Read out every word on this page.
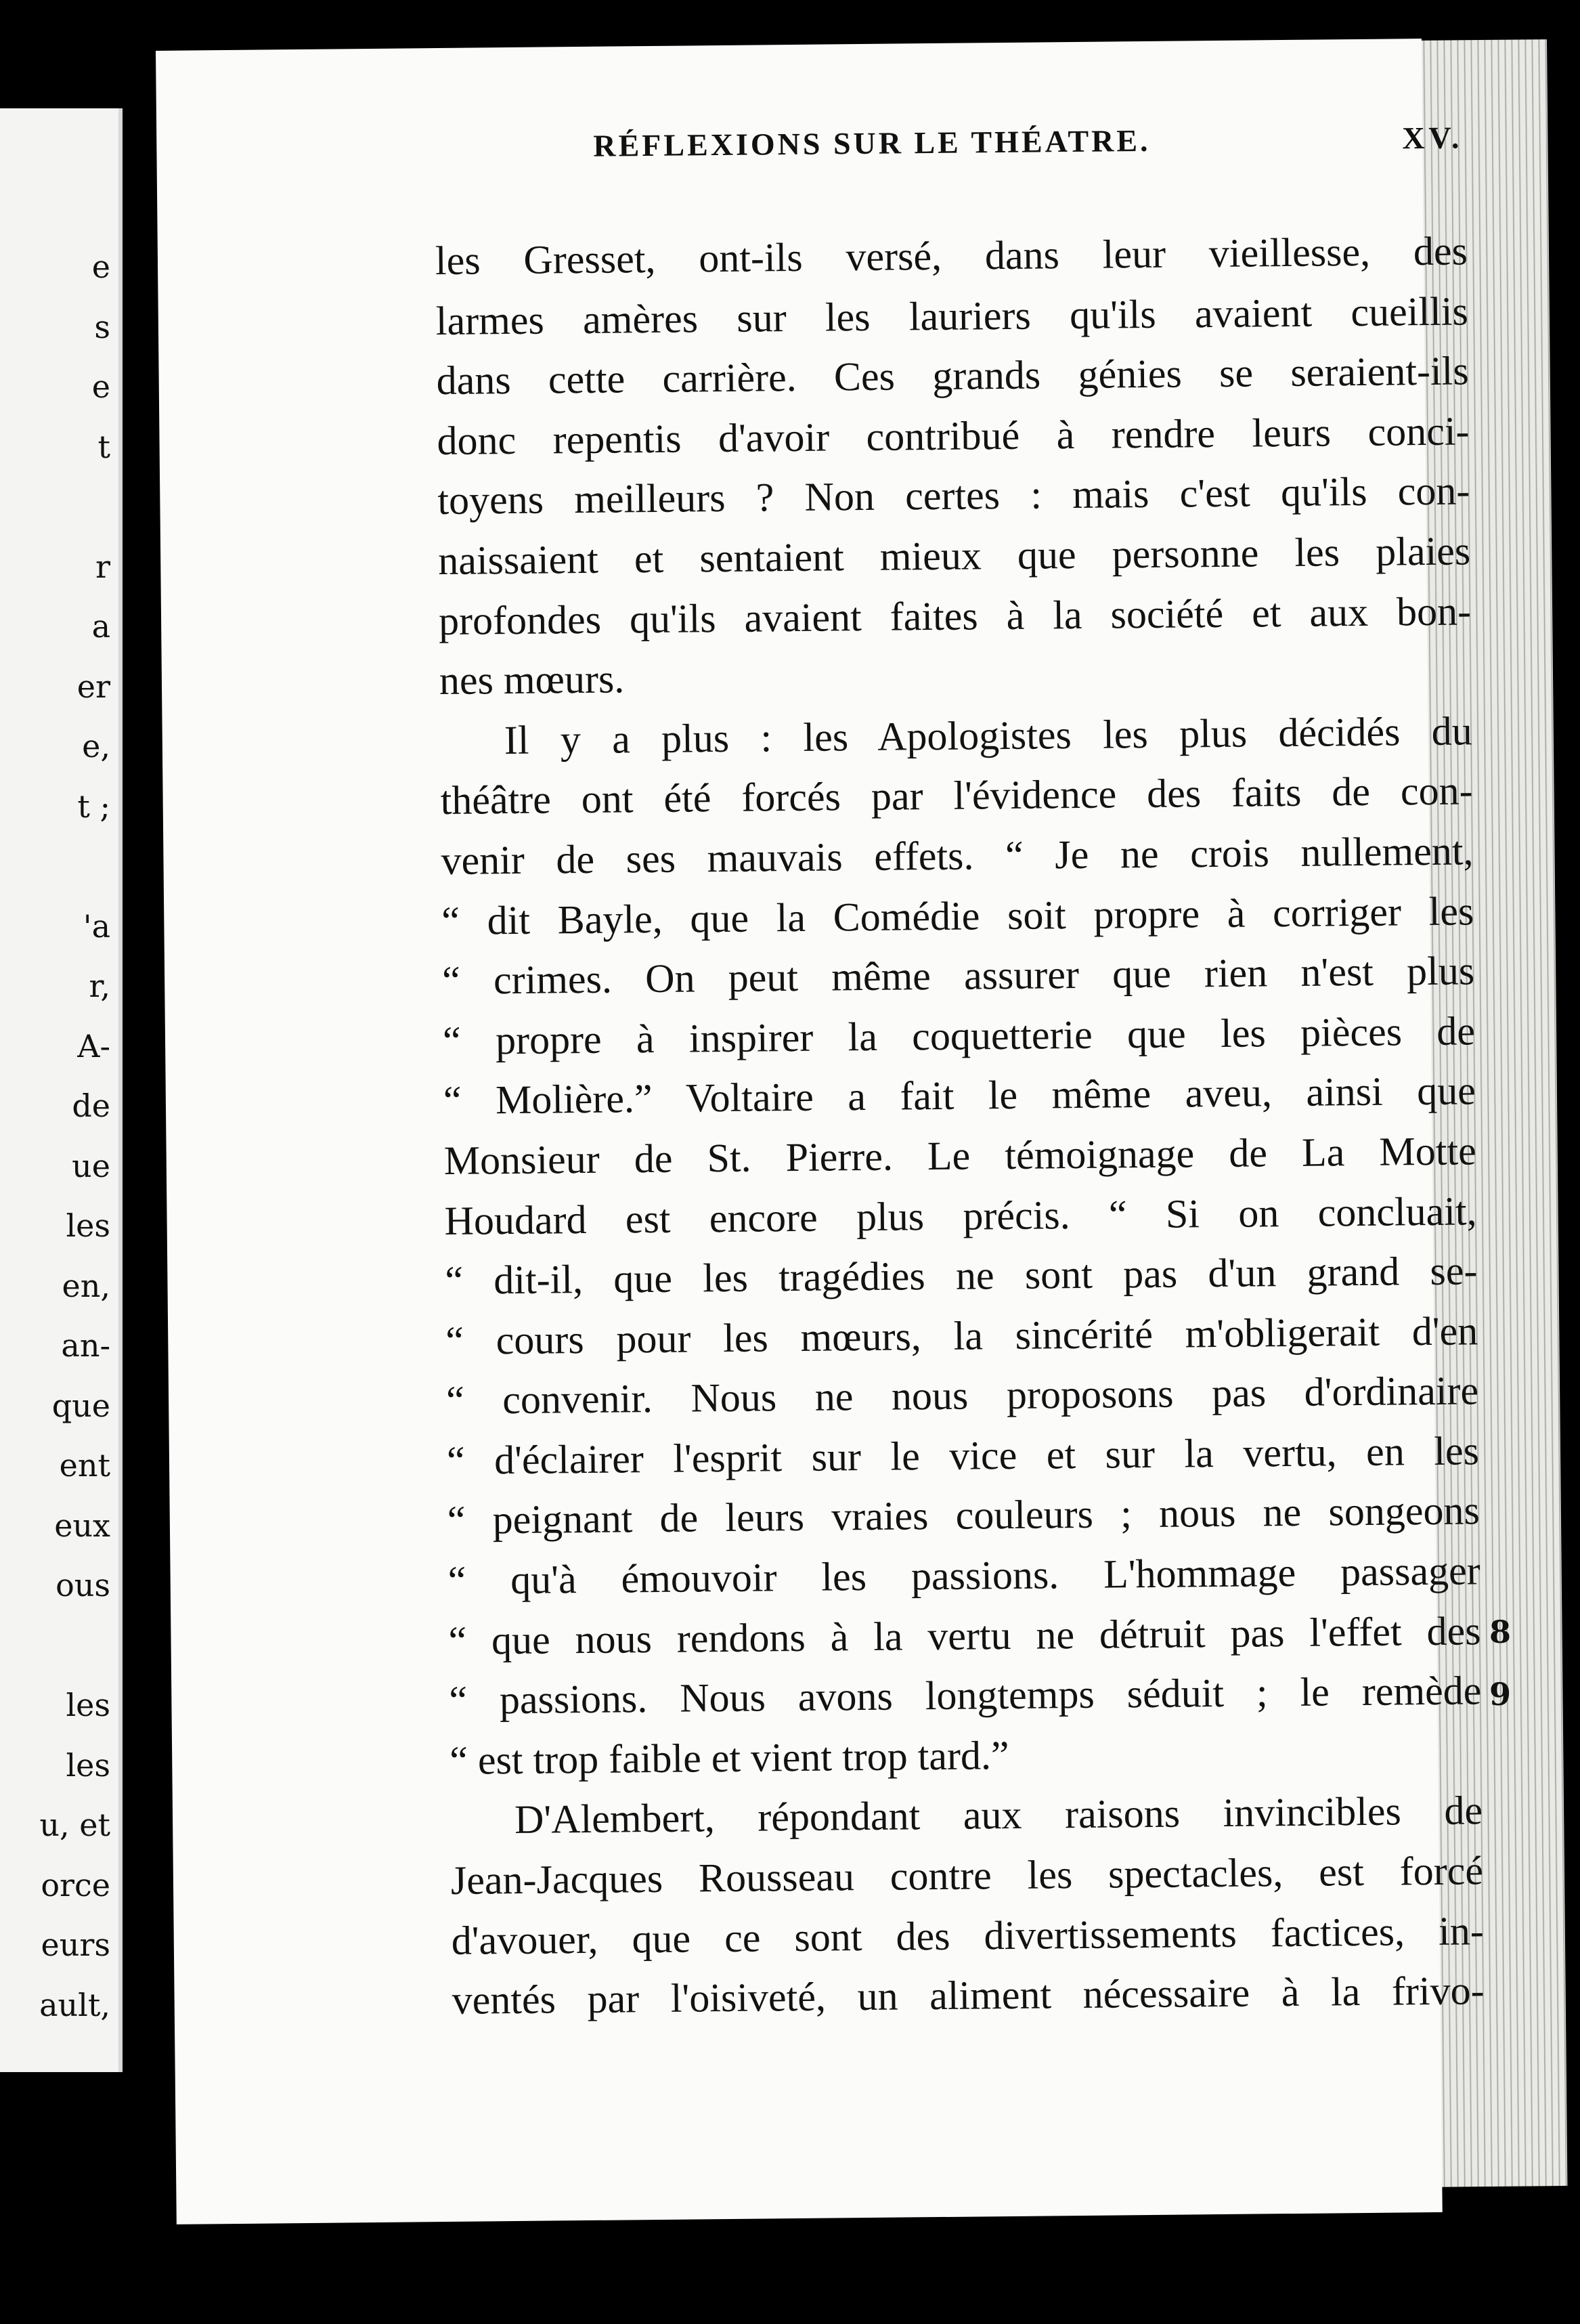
e
s
e
t
r
a
er
e,
t ;
'a
r,
A-
de
ue
les
en,
an-
que
ent
eux
ous
les
les
u, et
orce
eurs
ault,
8
9
RÉFLEXIONS SUR LE THÉATRE.	XV.
les Gresset, ont-ils versé, dans leur vieillesse, des
larmes amères sur les lauriers qu'ils avaient cueillis
dans cette carrière. Ces grands génies se seraient-ils
donc repentis d'avoir contribué à rendre leurs conci-
toyens meilleurs ? Non certes : mais c'est qu'ils con-
naissaient et sentaient mieux que personne les plaies
profondes qu'ils avaient faites à la société et aux bon-
nes mœurs.
Il y a plus : les Apologistes les plus décidés du
théâtre ont été forcés par l'évidence des faits de con-
venir de ses mauvais effets. “ Je ne crois nullement,
“ dit Bayle, que la Comédie soit propre à corriger les
“ crimes. On peut même assurer que rien n'est plus
“ propre à inspirer la coquetterie que les pièces de
“ Molière.” Voltaire a fait le même aveu, ainsi que
Monsieur de St. Pierre. Le témoignage de La Motte
Houdard est encore plus précis. “ Si on concluait,
“ dit-il, que les tragédies ne sont pas d'un grand se-
“ cours pour les mœurs, la sincérité m'obligerait d'en
“ convenir. Nous ne nous proposons pas d'ordinaire
“ d'éclairer l'esprit sur le vice et sur la vertu, en les
“ peignant de leurs vraies couleurs ; nous ne songeons
“ qu'à émouvoir les passions. L'hommage passager
“ que nous rendons à la vertu ne détruit pas l'effet des
“ passions. Nous avons longtemps séduit ; le remède
“ est trop faible et vient trop tard.”
D'Alembert, répondant aux raisons invincibles de
Jean-Jacques Rousseau contre les spectacles, est forcé
d'avouer, que ce sont des divertissements factices, in-
ventés par l'oisiveté, un aliment nécessaire à la frivo-
